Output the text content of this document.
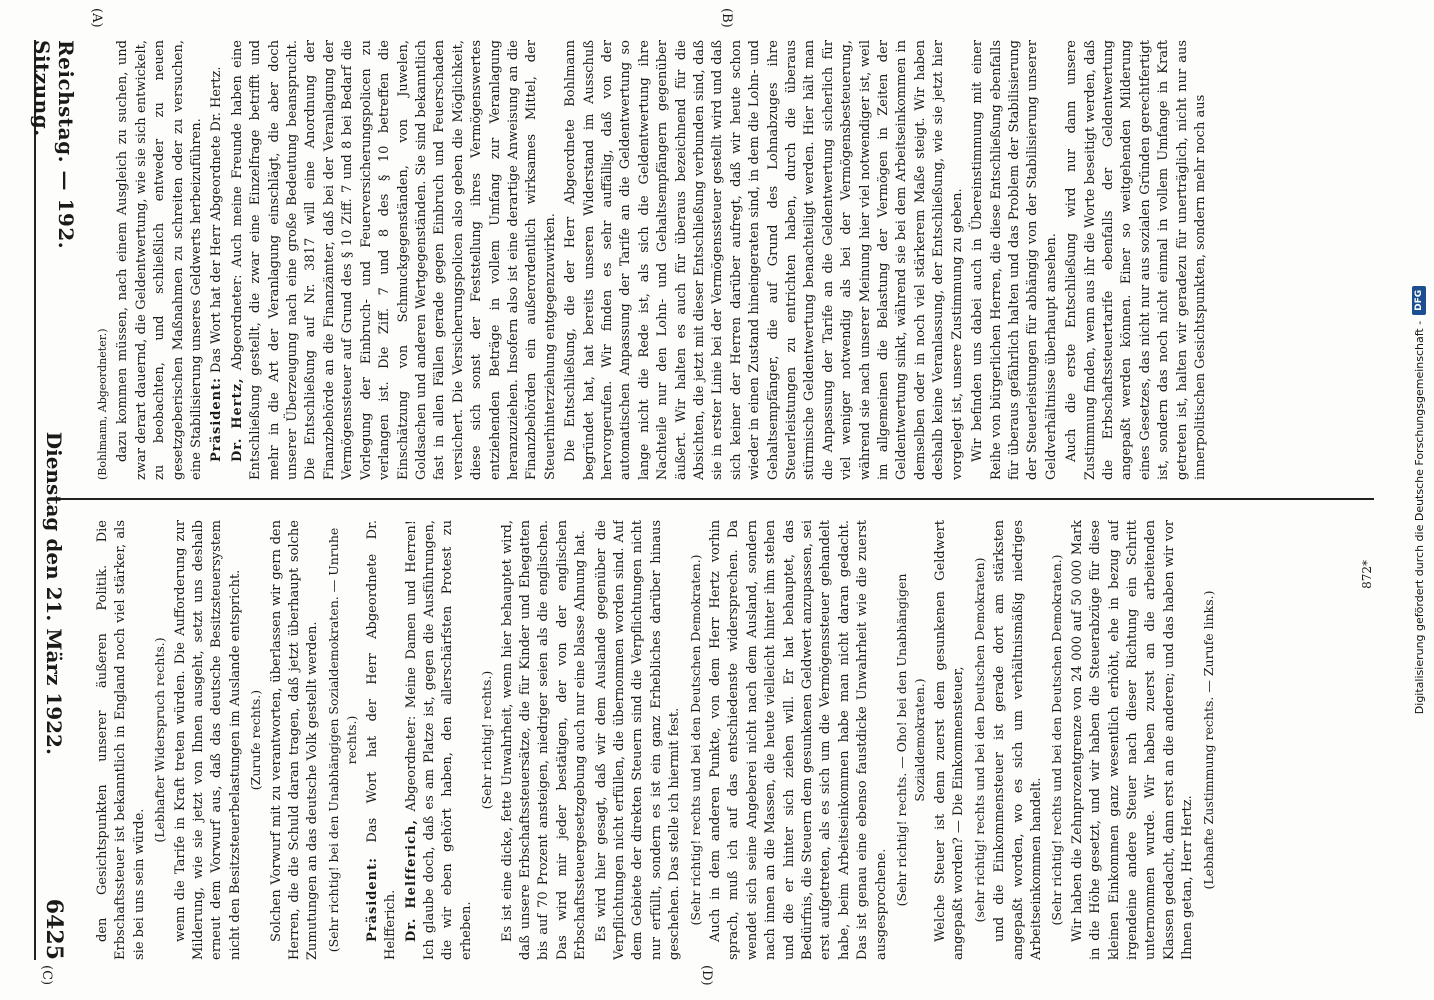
Digitalisierung gefördert durch die Deutsche Forschungsgemeinschaft -
DFG

(Bohlmann, Abgeordneter.) dazu kommen müssen, nach einem Ausgleich zu suchen, und zwar derart dauernd, die Geldentwertung, wie sie sich entwickelt, zu beobachten, und schließlich entweder zu neuen gesetzgeberischen Maßnahmen zu schreiten oder zu versuchen, eine Stabilisierung unseres Geldwerts herbeizuführen. Präsident: Das Wort hat der Herr Abgeordnete Dr. Hertz.

Dr. Hertz, Abgeordneter: Auch meine Freunde haben eine Entschließung gestellt, die zwar eine Einzelfrage betrifft und mehr in die Art der Veranlagung einschlägt, die aber doch unserer Überzeugung nach eine große Bedeutung beansprucht. Die Entschließung auf Nr. 3817 will eine Anordnung der Finanzbehörde an die Finanzämter, daß bei der Veranlagung der Vermögenssteuer auf Grund des § 10 Ziff. 7 und 8 bei Bedarf die Vorlegung der Einbruch- und Feuerversicherungspolicen zu verlangen ist. Die Ziff. 7 und 8 des § 10 betreffen die Einschätzung von Schmuckgegenständen, von Juwelen, Goldsachen und anderen Wertgegenständen. Sie sind bekanntlich fast in allen Fällen gerade gegen Einbruch und Feuerschaden versichert. Die Versicherungspolicen also geben die Möglichkeit, diese sich sonst der Feststellung ihres Vermögenswertes entziehenden Beträge in vollem Umfang zur Veranlagung heranzuziehen. Insofern also ist eine derartige Anweisung an die Finanzbehörden ein außerordentlich wirksames Mittel, der Steuerhinterziehung entgegenzuwirken. Die Entschließung, die der Herr Abgeordnete Bohlmann begründet hat, hat bereits unseren Widerstand im Ausschuß hervorgerufen. Wir finden es sehr auffällig, daß von der automatischen Anpassung der Tarife an die Geldentwertung so lange nicht die Rede ist, als sich die Geldentwertung ihre Nachteile nur den Lohn- und Gehaltsempfängern gegenüber äußert. Wir halten es auch für überaus bezeichnend für die Absichten, die jetzt mit dieser Entschließung verbunden sind, daß sie in erster Linie bei der Vermögenssteuer gestellt wird und daß sich keiner der Herren darüber aufregt, daß wir heute schon wieder in einen Zustand hineingeraten sind, in dem die Lohn- und Gehaltsempfänger, die auf Grund des Lohnabzuges ihre Steuerleistungen zu entrichten haben, durch die überaus stürmische Geldentwertung benachteiligt werden. Hier hält man die Anpassung der Tarife an die Geldentwertung sicherlich für viel weniger notwendig als bei der Vermögensbesteuerung, während sie nach unserer Meinung hier viel notwendiger ist, weil im allgemeinen die Belastung der Vermögen in Zeiten der Geldentwertung sinkt, während sie bei dem Arbeitseinkommen in demselben oder in noch viel stärkerem Maße steigt. Wir haben deshalb keine Veranlassung, der Entschließung, wie sie jetzt hier vorgelegt ist, unsere Zustimmung zu geben. Wir befinden uns dabei auch in Übereinstimmung mit einer Reihe von bürgerlichen Herren, die diese Entschließung ebenfalls für überaus gefährlich halten und das Problem der Stabilisierung der Steuerleistungen für abhängig von der Stabilisierung unserer Geldverhältnisse überhaupt ansehen. Auch die erste Entschließung wird nur dann unsere Zustimmung finden, wenn aus ihr die Worte beseitigt werden, daß die Erbschaftssteuertarife ebenfalls der Geldentwertung angepaßt werden können. Einer so weitgehenden Milderung eines Gesetzes, das nicht nur aus sozialen Gründen gerechtfertigt ist, sondern das noch nicht einmal in vollem Umfange in Kraft getreten ist, halten wir geradezu für unerträglich, nicht nur aus innerpolitischen Gesichtspunkten, sondern mehr noch aus

den Gesichtspunkten unserer äußeren Politik. Die Erbschaftssteuer ist bekanntlich in England noch viel stärker, als sie bei uns sein würde.

(Lebhafter Widerspruch rechts.) wenn die Tarife in Kraft treten würden. Die Aufforderung zur Milderung, wie sie jetzt von Ihnen ausgeht, setzt uns deshalb erneut dem Vorwurf aus, daß das deutsche Besitzsteuersystem nicht den Besitzsteuerbelastungen im Auslande entspricht. (Zurufe rechts.) Solchen Vorwurf mit zu verantworten, überlassen wir gern den Herren, die die Schuld daran tragen, daß jetzt überhaupt solche Zumutungen an das deutsche Volk gestellt werden. (Sehr richtig! bei den Unabhängigen Sozialdemokraten. — Unruhe rechts.)

Präsident: Das Wort hat der Herr Abgeordnete Dr. Helfferich. Dr. Helfferich, Abgeordneter: Meine Damen und Herren! Ich glaube doch, daß es am Platze ist, gegen die Ausführungen, die wir eben gehört haben, den allerschärfsten Protest zu erheben.

(Sehr richtig! rechts.) Es ist eine dicke, fette Unwahrheit, wenn hier behauptet wird, daß unsere Erbschaftssteuersätze, die für Kinder und Ehegatten bis auf 70 Prozent ansteigen, niedriger seien als die englischen. Das wird mir jeder bestätigen, der von der englischen Erbschaftssteuergesetzgebung auch nur eine blasse Ahnung hat. Es wird hier gesagt, daß wir dem Auslande gegenüber die Verpflichtungen nicht erfüllen, die übernommen worden sind. Auf dem Gebiete der direkten Steuern sind die Verpflichtungen nicht nur erfüllt, sondern es ist ein ganz Erhebliches darüber hinaus geschehen. Das stelle ich hiermit fest. (Sehr richtig! rechts und bei den Deutschen Demokraten.) Auch in dem anderen Punkte, von dem Herr Hertz vorhin sprach, muß ich auf das entschiedenste widersprechen. Da wendet sich seine Angeberei nicht nach dem Ausland, sondern nach innen an die Massen, die heute vielleicht hinter ihm stehen und die er hinter sich ziehen will. Er hat behauptet, das Bedürfnis, die Steuern dem gesunkenen Geldwert anzupassen, sei erst aufgetreten, als es sich um die Vermögenssteuer gehandelt habe, beim Arbeitseinkommen habe man nicht daran gedacht. Das ist genau eine ebenso faustdicke Unwahrheit wie die zuerst ausgesprochene. (Sehr richtig! rechts. — Oho! bei den Unabhängigen Sozialdemokraten.) Welche Steuer ist denn zuerst dem gesunkenen Geldwert angepaßt worden? — Die Einkommensteuer, (sehr richtig! rechts und bei den Deutschen Demokraten) und die Einkommensteuer ist gerade dort am stärksten angepaßt worden, wo es sich um verhältnismäßig niedriges Arbeitseinkommen handelt. (Sehr richtig! rechts und bei den Deutschen Demokraten.) Wir haben die Zehnprozentgrenze von 24 000 auf 50 000 Mark in die Höhe gesetzt, und wir haben die Steuerabzüge für diese kleinen Einkommen ganz wesentlich erhöht, ehe in bezug auf irgendeine andere Steuer nach dieser Richtung ein Schritt unternommen wurde. Wir haben zuerst an die arbeitenden Klassen gedacht, dann erst an die anderen; und das haben wir vor Ihnen getan, Herr Hertz. (Lebhafte Zustimmung rechts. — Zurufe links.)

872*
(A)	(B)
(C)	(D)
Reichstag. — 192. Sitzung.
Dienstag den 21. März 1922.
6425
